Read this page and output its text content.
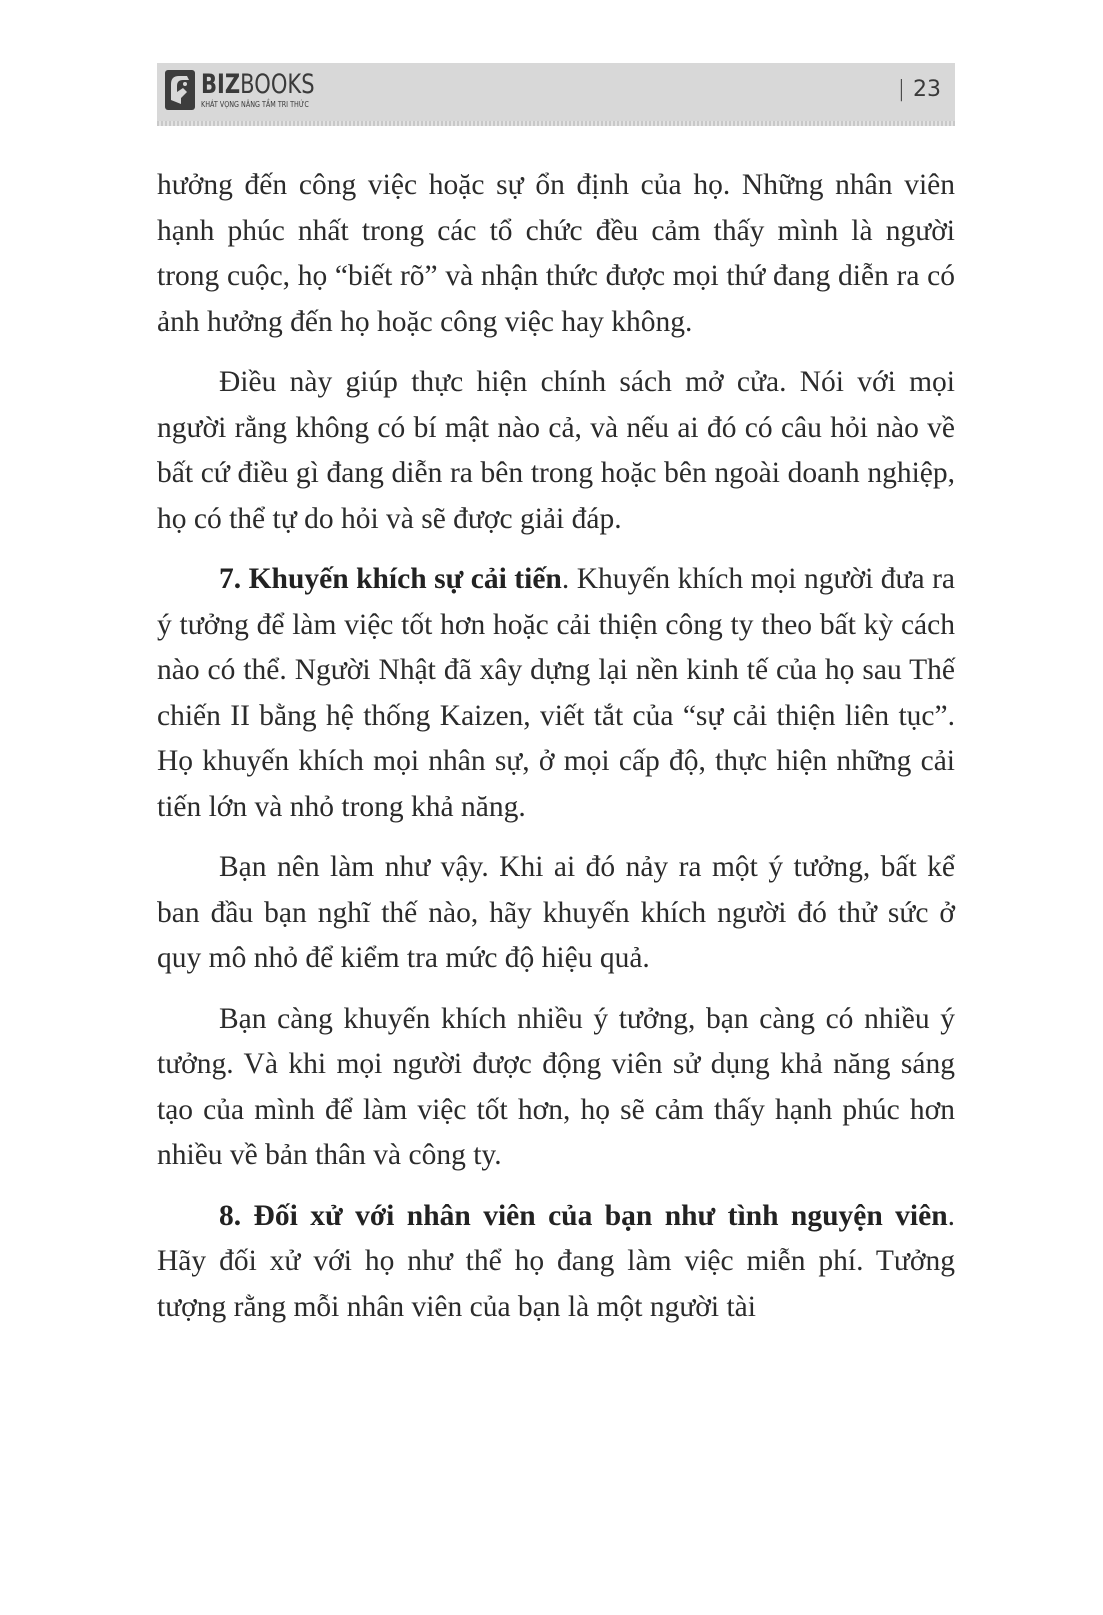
BIZBOOKS
KHÁT VỌNG NÂNG TẦM TRI THỨC
| 23

hưởng đến công việc hoặc sự ổn định của họ. Những nhân viên hạnh phúc nhất trong các tổ chức đều cảm thấy mình là người trong cuộc, họ “biết rõ” và nhận thức được mọi thứ đang diễn ra có ảnh hưởng đến họ hoặc công việc hay không.

Điều này giúp thực hiện chính sách mở cửa. Nói với mọi người rằng không có bí mật nào cả, và nếu ai đó có câu hỏi nào về bất cứ điều gì đang diễn ra bên trong hoặc bên ngoài doanh nghiệp, họ có thể tự do hỏi và sẽ được giải đáp.

7. Khuyến khích sự cải tiến. Khuyến khích mọi người đưa ra ý tưởng để làm việc tốt hơn hoặc cải thiện công ty theo bất kỳ cách nào có thể. Người Nhật đã xây dựng lại nền kinh tế của họ sau Thế chiến II bằng hệ thống Kaizen, viết tắt của “sự cải thiện liên tục”. Họ khuyến khích mọi nhân sự, ở mọi cấp độ, thực hiện những cải tiến lớn và nhỏ trong khả năng.

Bạn nên làm như vậy. Khi ai đó nảy ra một ý tưởng, bất kể ban đầu bạn nghĩ thế nào, hãy khuyến khích người đó thử sức ở quy mô nhỏ để kiểm tra mức độ hiệu quả.

Bạn càng khuyến khích nhiều ý tưởng, bạn càng có nhiều ý tưởng. Và khi mọi người được động viên sử dụng khả năng sáng tạo của mình để làm việc tốt hơn, họ sẽ cảm thấy hạnh phúc hơn nhiều về bản thân và công ty.

8. Đối xử với nhân viên của bạn như tình nguyện viên. Hãy đối xử với họ như thể họ đang làm việc miễn phí. Tưởng tượng rằng mỗi nhân viên của bạn là một người tài
